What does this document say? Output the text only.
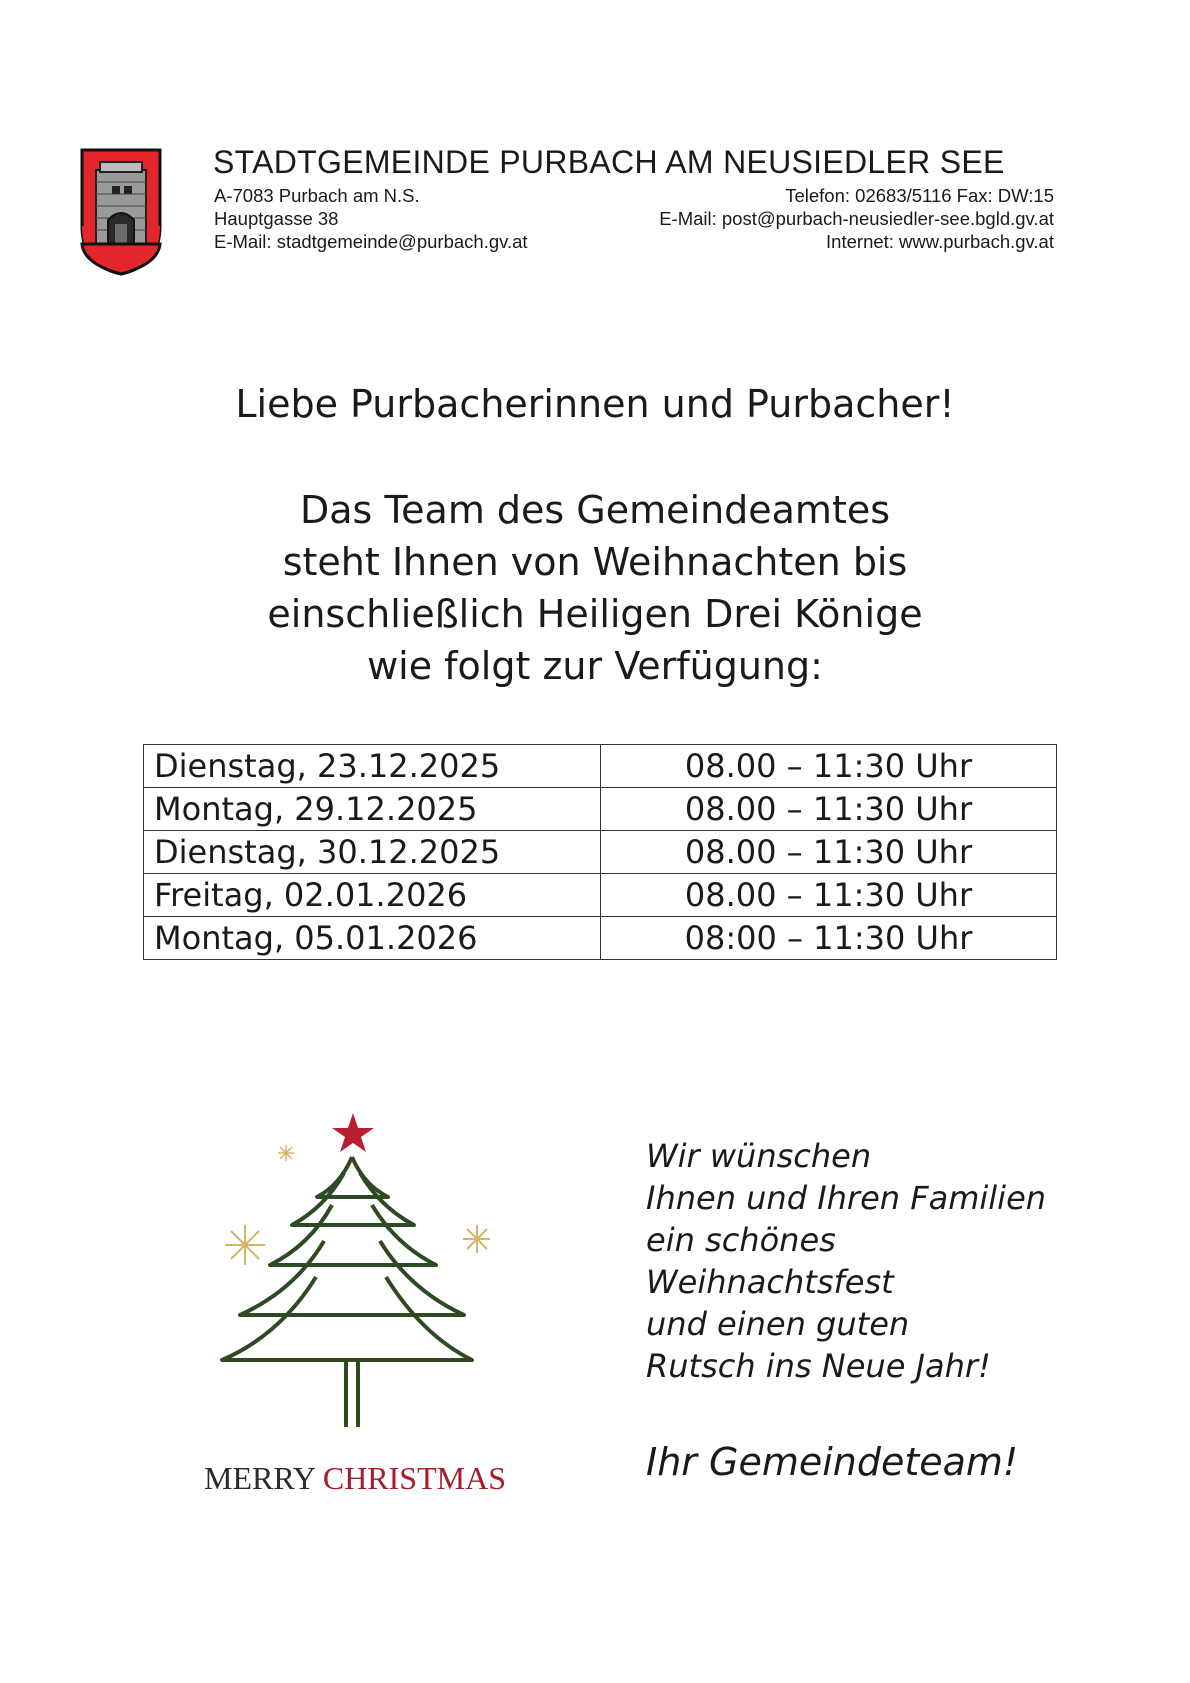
STADTGEMEINDE PURBACH AM NEUSIEDLER SEE
A-7083 Purbach am N.S.
Hauptgasse 38
E-Mail: stadtgemeinde@purbach.gv.at
Telefon: 02683/5116 Fax: DW:15
E-Mail: post@purbach-neusiedler-see.bgld.gv.at
Internet: www.purbach.gv.at
Liebe Purbacherinnen und Purbacher!
Das Team des Gemeindeamtes
steht Ihnen von Weihnachten bis
einschließlich Heiligen Drei Könige
wie folgt zur Verfügung:
Dienstag, 23.12.2025	08.00 – 11:30 Uhr
Montag, 29.12.2025	08.00 – 11:30 Uhr
Dienstag, 30.12.2025	08.00 – 11:30 Uhr
Freitag, 02.01.2026	08.00 – 11:30 Uhr
Montag, 05.01.2026	08:00 – 11:30 Uhr
MERRY CHRISTMAS
Wir wünschen
Ihnen und Ihren Familien
ein schönes
Weihnachtsfest
und einen guten
Rutsch ins Neue Jahr!
Ihr Gemeindeteam!
